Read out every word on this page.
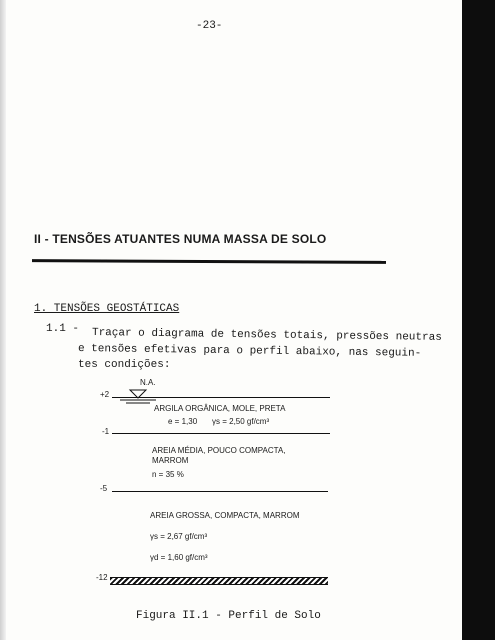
-23-
II - TENSÕES ATUANTES NUMA MASSA DE SOLO
1. TENSÕES GEOSTÁTICAS
1.1 - Traçar o diagrama de tensões totais, pressões neutras
e tensões efetivas para o perfil abaixo, nas seguin-
tes condições:
N.A.
+2
ARGILA ORGÂNICA, MOLE, PRETA
e = 1,30 γs = 2,50 gf/cm³
-1
AREIA MÉDIA, POUCO COMPACTA,
MARROM
n = 35 %
-5
AREIA GROSSA, COMPACTA, MARROM
γs = 2,67 gf/cm³
γd = 1,60 gf/cm³
-12
Figura II.1 - Perfil de Solo
